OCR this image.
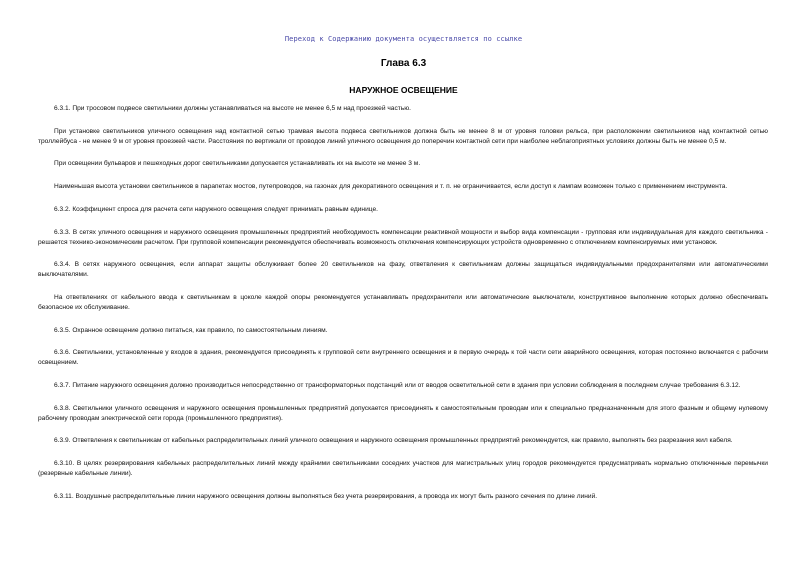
Переход к Содержанию документа осуществляется по ссылке
Глава 6.3
НАРУЖНОЕ ОСВЕЩЕНИЕ

6.3.1. При тросовом подвесе светильники должны устанавливаться на высоте не менее 6,5 м над проезжей частью.

При установке светильников уличного освещения над контактной сетью трамвая высота подвеса светильников должна быть не менее 8 м от уровня головки рельса, при расположении светильников над контактной сетью троллейбуса - не менее 9 м от уровня проезжей части. Расстояния по вертикали от проводов линий уличного освещения до поперечин контактной сети при наиболее неблагоприятных условиях должны быть не менее 0,5 м.

При освещении бульваров и пешеходных дорог светильниками допускается устанавливать их на высоте не менее 3 м.

Наименьшая высота установки светильников в парапетах мостов, путепроводов, на газонах для декоративного освещения и т. п. не ограничивается, если доступ к лампам возможен только с применением инструмента.

6.3.2. Коэффициент спроса для расчета сети наружного освещения следует принимать равным единице.

6.3.3. В сетях уличного освещения и наружного освещения промышленных предприятий необходимость компенсации реактивной мощности и выбор вида компенсации - групповая или индивидуальная для каждого светильника - решается технико-экономическим расчетом. При групповой компенсации рекомендуется обеспечивать возможность отключения компенсирующих устройств одновременно с отключением компенсируемых ими установок.

6.3.4. В сетях наружного освещения, если аппарат защиты обслуживает более 20 светильников на фазу, ответвления к светильникам должны защищаться индивидуальными предохранителями или автоматическими выключателями.

На ответвлениях от кабельного ввода к светильникам в цоколе каждой опоры рекомендуется устанавливать предохранители или автоматические выключатели, конструктивное выполнение которых должно обеспечивать безопасное их обслуживание.

6.3.5. Охранное освещение должно питаться, как правило, по самостоятельным линиям.

6.3.6. Светильники, установленные у входов в здания, рекомендуется присоединять к групповой сети внутреннего освещения и в первую очередь к той части сети аварийного освещения, которая постоянно включается с рабочим освещением.

6.3.7. Питание наружного освещения должно производиться непосредственно от трансформаторных подстанций или от вводов осветительной сети в здания при условии соблюдения в последнем случае требования 6.3.12.

6.3.8. Светильники уличного освещения и наружного освещения промышленных предприятий допускается присоединять к самостоятельным проводам или к специально предназначенным для этого фазным и общему нулевому рабочему проводам электрической сети города (промышленного предприятия).

6.3.9. Ответвления к светильникам от кабельных распределительных линий уличного освещения и наружного освещения промышленных предприятий рекомендуется, как правило, выполнять без разрезания жил кабеля.

6.3.10. В целях резервирования кабельных распределительных линий между крайними светильниками соседних участков для магистральных улиц городов рекомендуется предусматривать нормально отключенные перемычки (резервные кабельные линии).

6.3.11. Воздушные распределительные линии наружного освещения должны выполняться без учета резервирования, а провода их могут быть разного сечения по длине линий.
